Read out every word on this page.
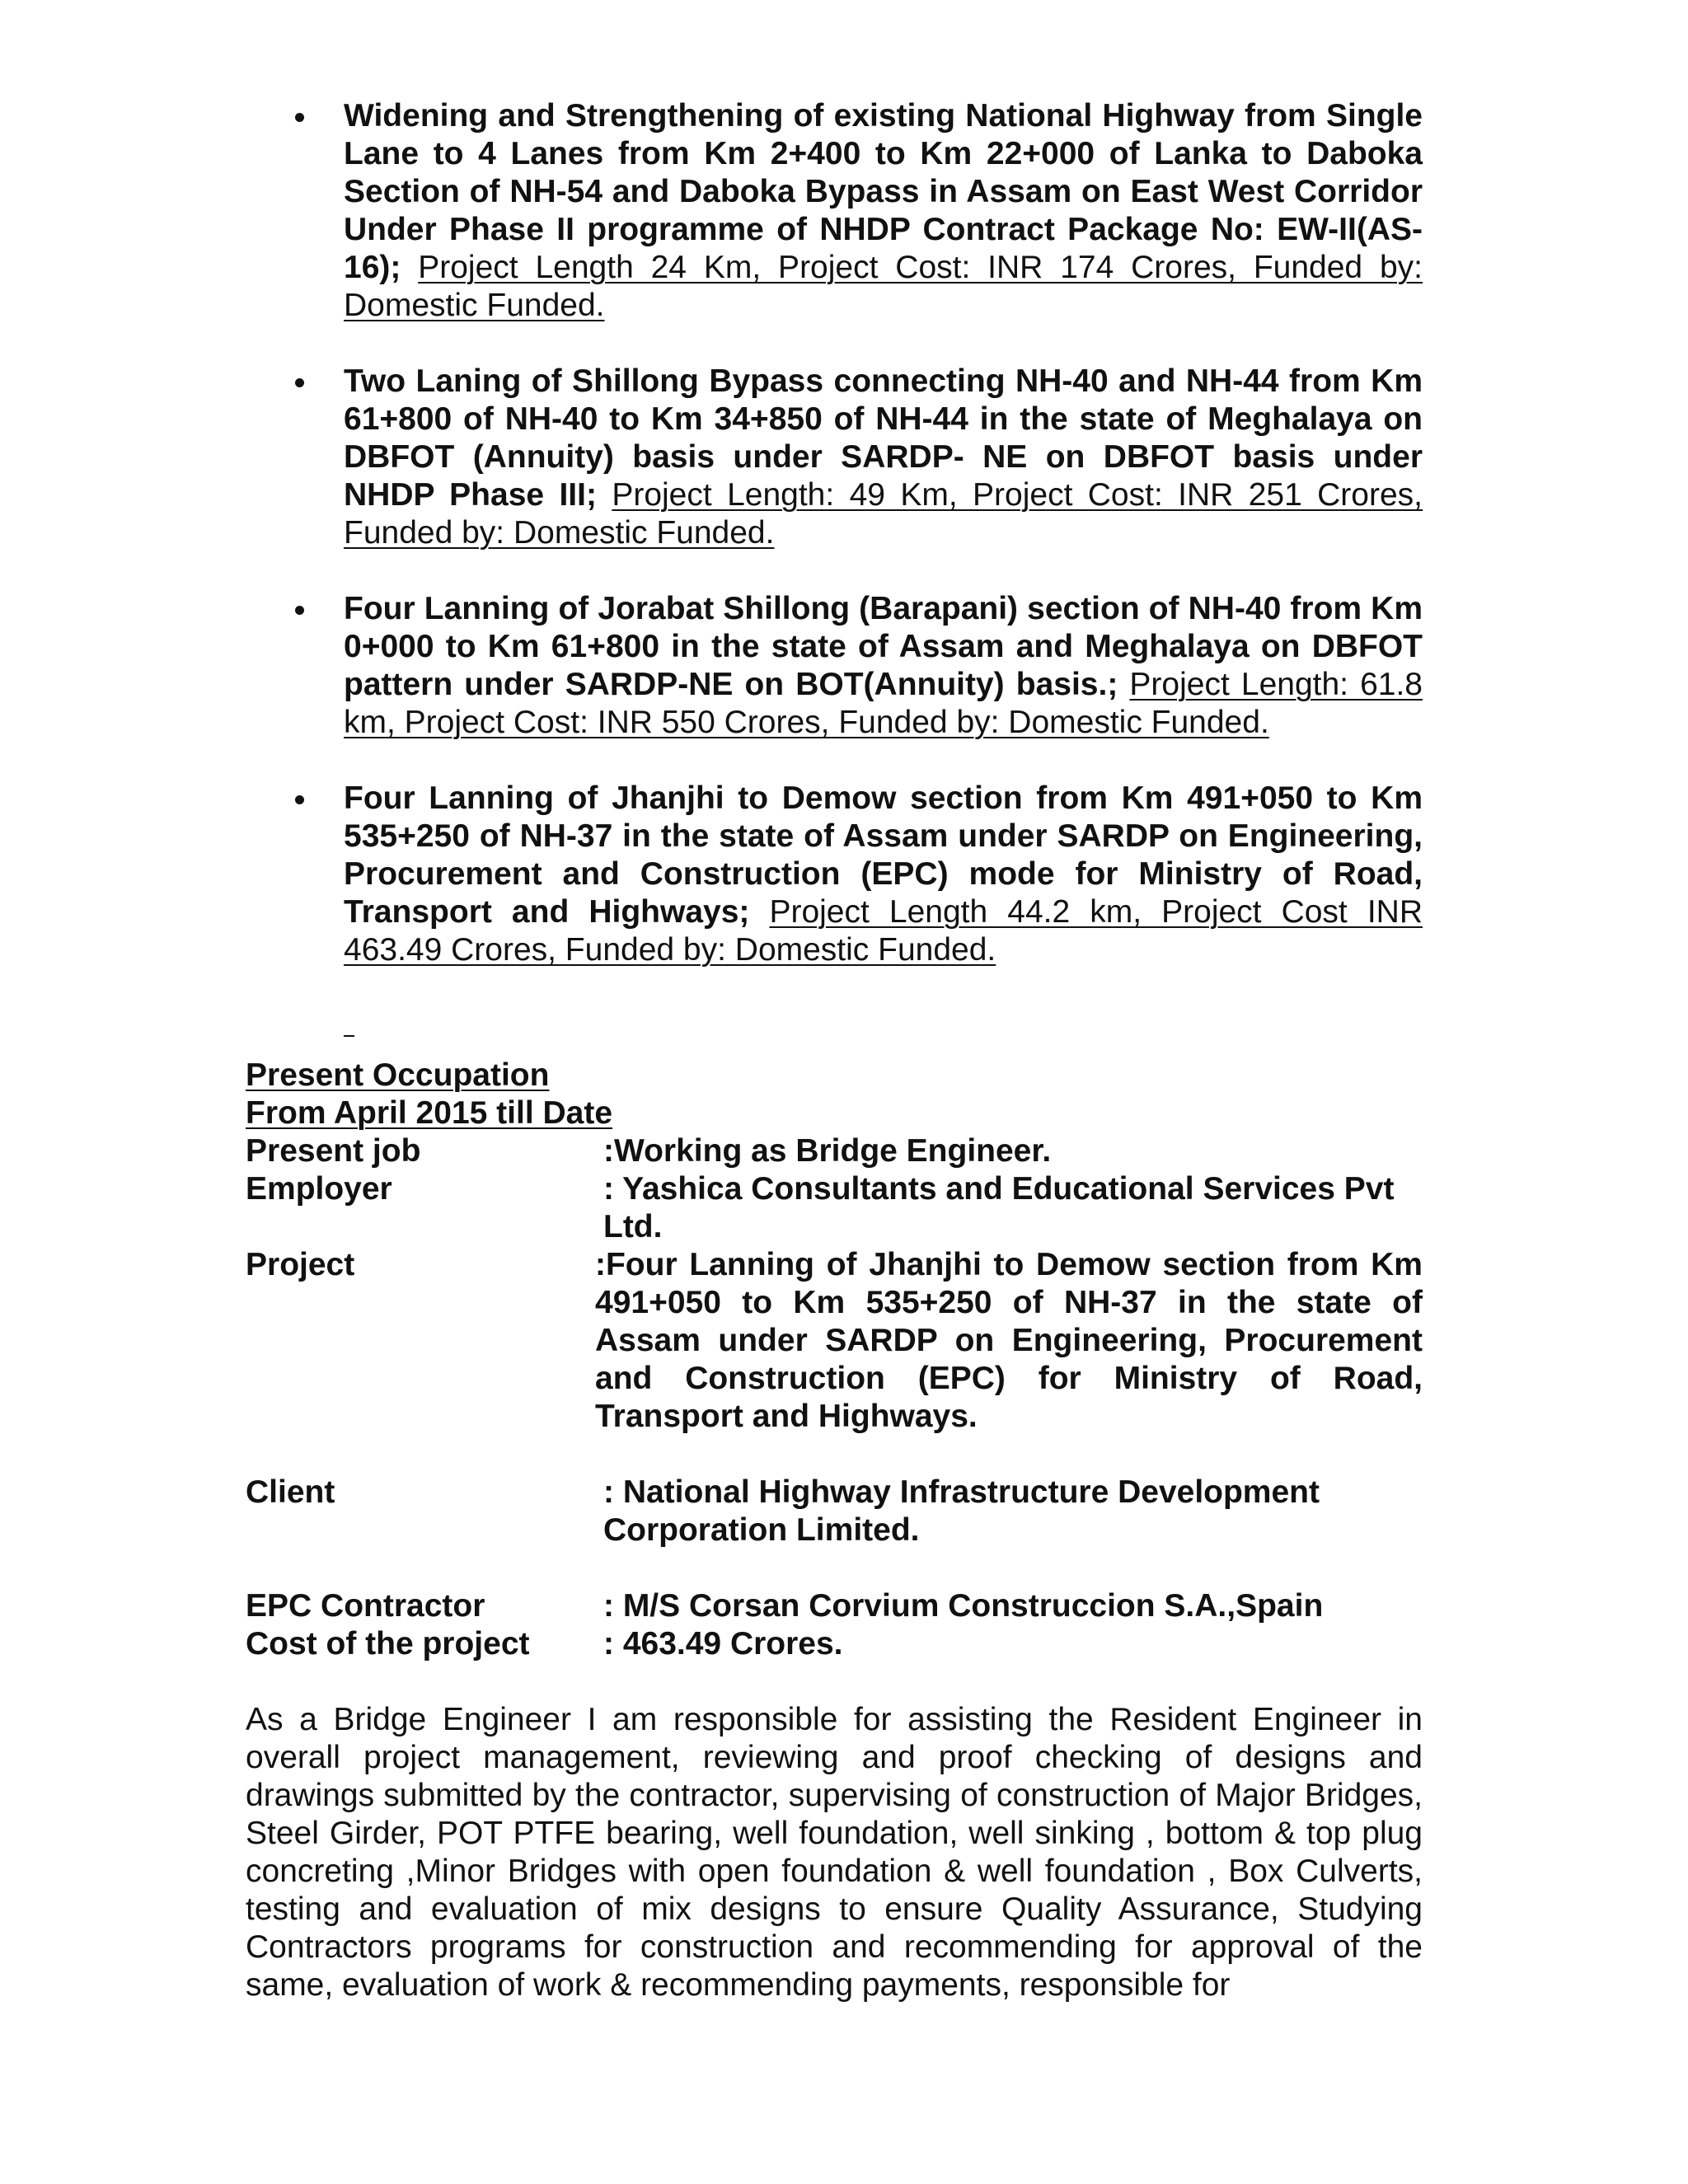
Widening and Strengthening of existing National Highway from Single Lane to 4 Lanes from Km 2+400 to Km 22+000 of Lanka to Daboka Section of NH-54 and Daboka Bypass in Assam on East West Corridor Under Phase II programme of NHDP Contract Package No: EW-II(AS-16); Project Length 24 Km, Project Cost: INR 174 Crores, Funded by: Domestic Funded.
Two Laning of Shillong Bypass connecting NH-40 and NH-44 from Km 61+800 of NH-40 to Km 34+850 of NH-44 in the state of Meghalaya on DBFOT (Annuity) basis under SARDP- NE on DBFOT basis under NHDP Phase III; Project Length: 49 Km, Project Cost: INR 251 Crores, Funded by: Domestic Funded.
Four Lanning of Jorabat Shillong (Barapani) section of NH-40 from Km 0+000 to Km 61+800 in the state of Assam and Meghalaya on DBFOT pattern under SARDP-NE on BOT(Annuity) basis.; Project Length: 61.8 km, Project Cost: INR 550 Crores, Funded by: Domestic Funded.
Four Lanning of Jhanjhi to Demow section from Km 491+050 to Km 535+250 of NH-37 in the state of Assam under SARDP on Engineering, Procurement and Construction (EPC) mode for Ministry of Road, Transport and Highways; Project Length 44.2 km, Project Cost INR 463.49 Crores, Funded by: Domestic Funded.
Present Occupation
From April 2015 till Date
Present job	:Working as Bridge Engineer.
Employer	: Yashica Consultants and Educational Services Pvt Ltd.
Project	:Four Lanning of Jhanjhi to Demow section from Km 491+050 to Km 535+250 of NH-37 in the state of Assam under SARDP on Engineering, Procurement and Construction (EPC) for Ministry of Road, Transport and Highways.
Client	: National Highway Infrastructure Development Corporation Limited.
EPC Contractor	: M/S Corsan Corvium Construccion S.A.,Spain
Cost of the project	: 463.49 Crores.
As a Bridge Engineer I am responsible for assisting the Resident Engineer in overall project management, reviewing and proof checking of designs and drawings submitted by the contractor, supervising of construction of Major Bridges, Steel Girder, POT PTFE bearing, well foundation, well sinking , bottom & top plug concreting ,Minor Bridges with open foundation & well foundation , Box Culverts, testing and evaluation of mix designs to ensure Quality Assurance, Studying Contractors programs for construction and recommending for approval of the same, evaluation of work & recommending payments, responsible for
